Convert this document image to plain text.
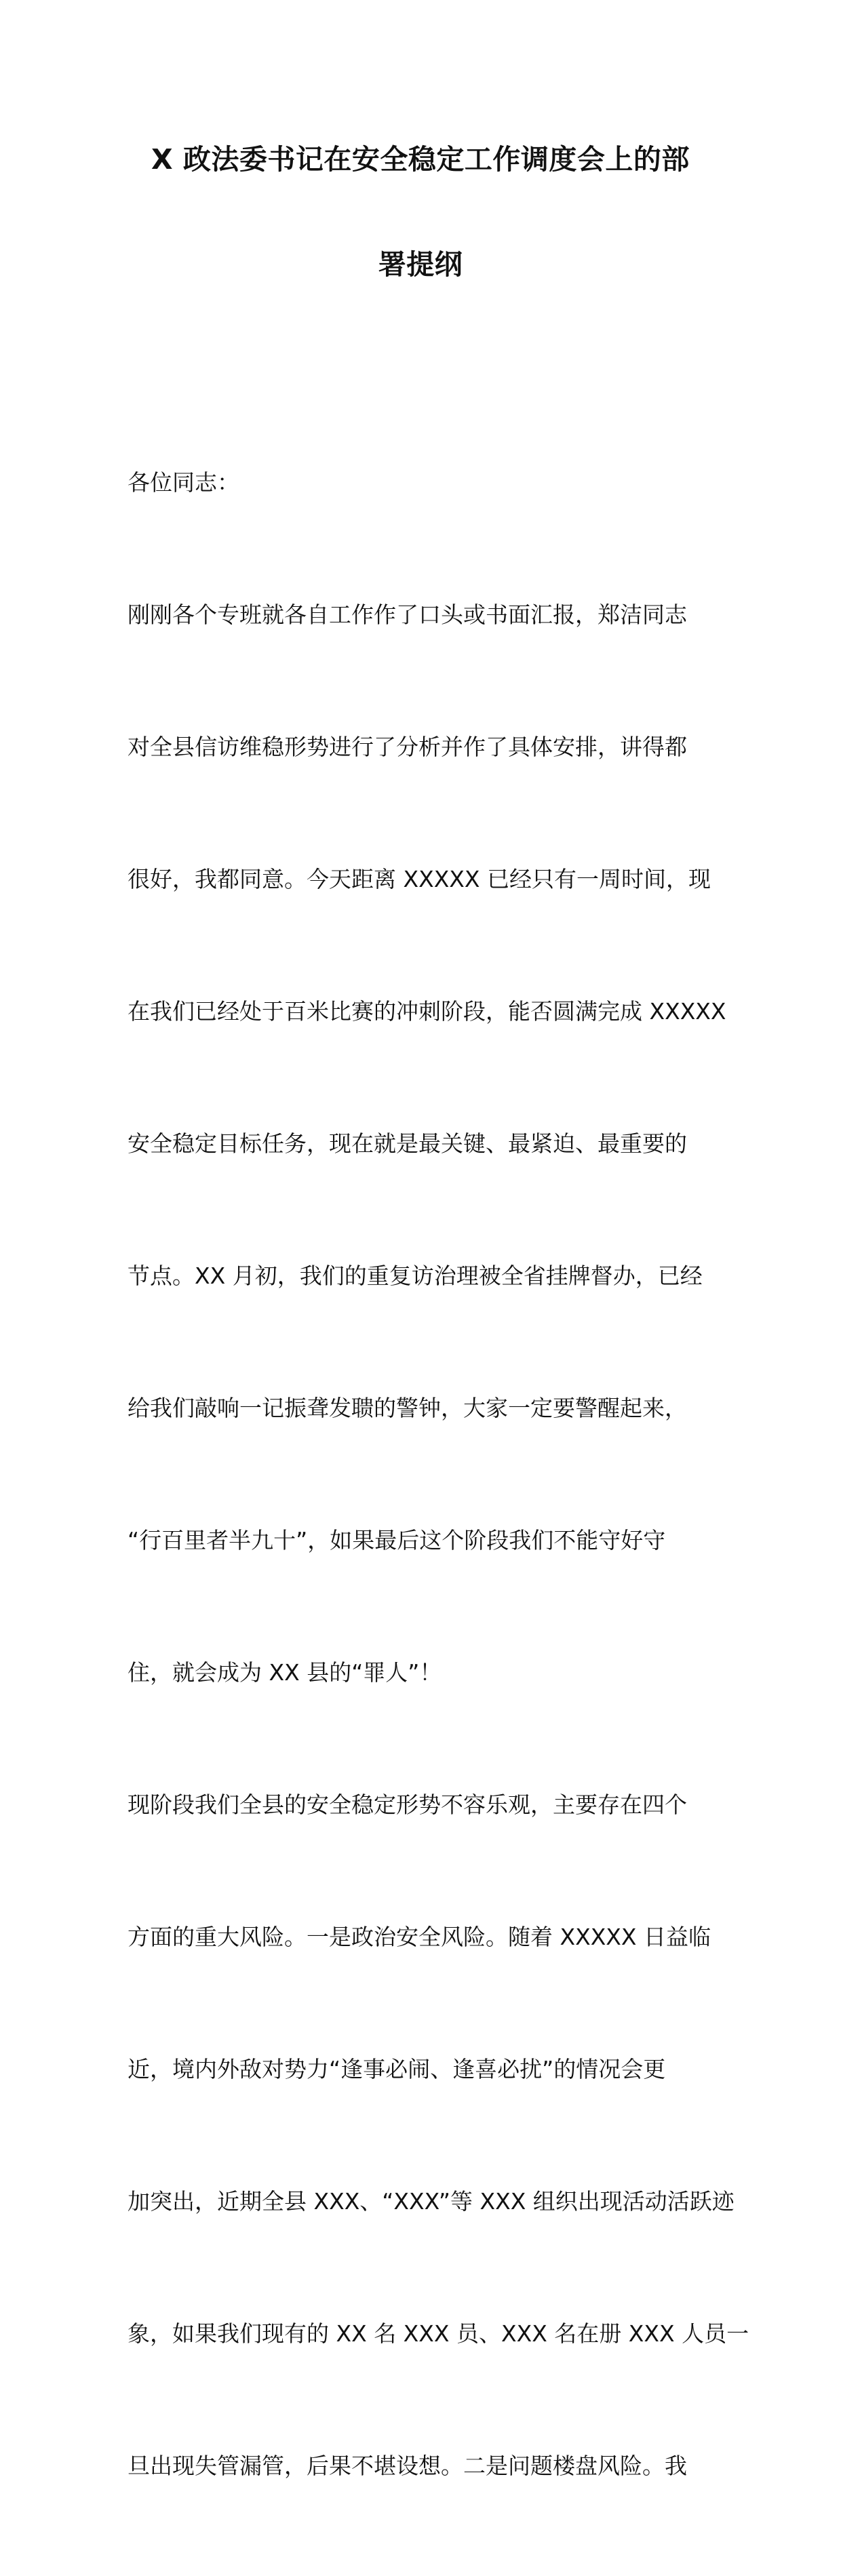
X 政法委书记在安全稳定工作调度会上的部
署提纲

各位同志：

刚刚各个专班就各自工作作了口头或书面汇报，郑洁同志

对全县信访维稳形势进行了分析并作了具体安排，讲得都

很好，我都同意。今天距离 XXXXX 已经只有一周时间，现

在我们已经处于百米比赛的冲刺阶段，能否圆满完成 XXXXX

安全稳定目标任务，现在就是最关键、最紧迫、最重要的

节点。XX 月初，我们的重复访治理被全省挂牌督办，已经

给我们敲响一记振聋发聩的警钟，大家一定要警醒起来，

“行百里者半九十”，如果最后这个阶段我们不能守好守

住，就会成为 XX 县的“罪人”！

现阶段我们全县的安全稳定形势不容乐观，主要存在四个

方面的重大风险。一是政治安全风险。随着 XXXXX 日益临

近，境内外敌对势力“逢事必闹、逢喜必扰”的情况会更

加突出，近期全县 XXX、“XXX”等 XXX 组织出现活动活跃迹

象，如果我们现有的 XX 名 XXX 员、XXX 名在册 XXX 人员一

旦出现失管漏管，后果不堪设想。二是问题楼盘风险。我
